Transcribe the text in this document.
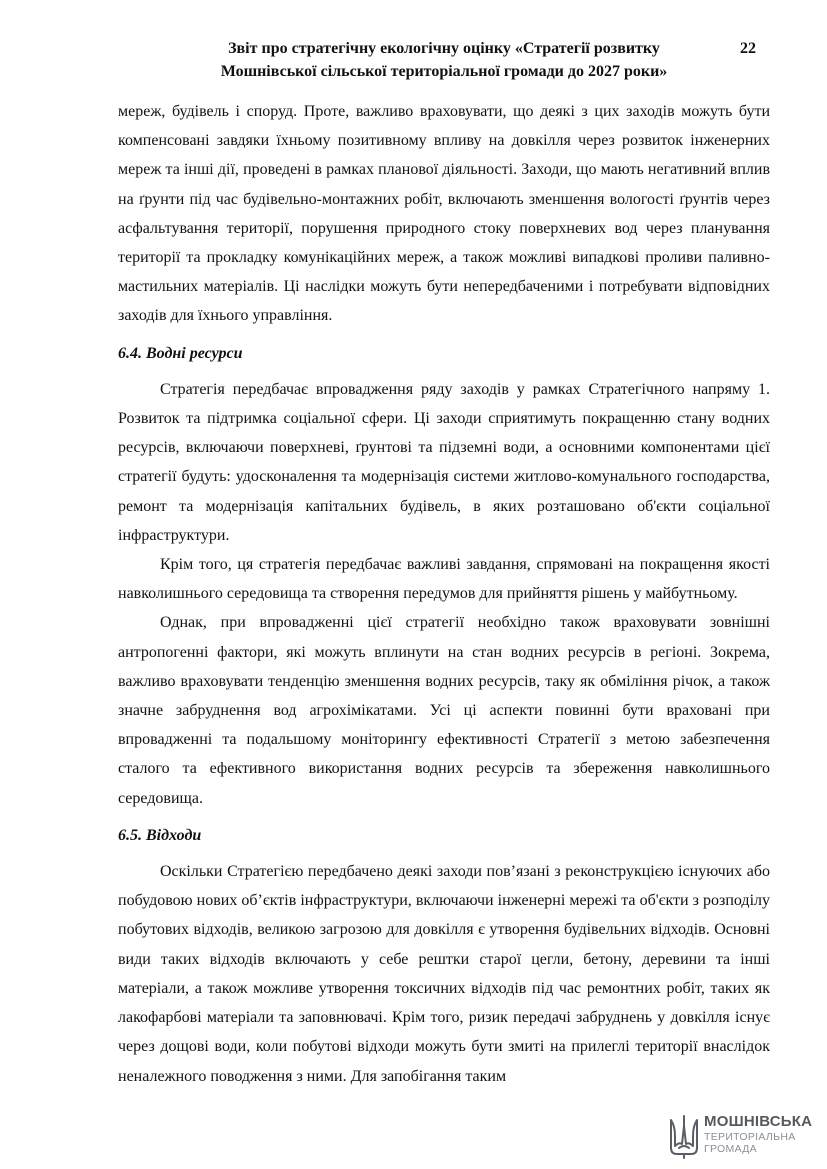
Звіт про стратегічну екологічну оцінку «Стратегії розвитку
Мошнівської сільської територіальної громади до 2027 роки»
22

мереж, будівель і споруд. Проте, важливо враховувати, що деякі з цих заходів можуть бути компенсовані завдяки їхньому позитивному впливу на довкілля через розвиток інженерних мереж та інші дії, проведені в рамках планової діяльності. Заходи, що мають негативний вплив на ґрунти під час будівельно-монтажних робіт, включають зменшення вологості ґрунтів через асфальтування території, порушення природного стоку поверхневих вод через планування території та прокладку комунікаційних мереж, а також можливі випадкові проливи паливно-мастильних матеріалів. Ці наслідки можуть бути непередбаченими і потребувати відповідних заходів для їхнього управління.

6.4. Водні ресурси

Стратегія передбачає впровадження ряду заходів у рамках Стратегічного напряму 1. Розвиток та підтримка соціальної сфери. Ці заходи сприятимуть покращенню стану водних ресурсів, включаючи поверхневі, ґрунтові та підземні води, а основними компонентами цієї стратегії будуть: удосконалення та модернізація системи житлово-комунального господарства, ремонт та модернізація капітальних будівель, в яких розташовано об'єкти соціальної інфраструктури.

Крім того, ця стратегія передбачає важливі завдання, спрямовані на покращення якості навколишнього середовища та створення передумов для прийняття рішень у майбутньому.

Однак, при впровадженні цієї стратегії необхідно також враховувати зовнішні антропогенні фактори, які можуть вплинути на стан водних ресурсів в регіоні. Зокрема, важливо враховувати тенденцію зменшення водних ресурсів, таку як обміління річок, а також значне забруднення вод агрохімікатами. Усі ці аспекти повинні бути враховані при впровадженні та подальшому моніторингу ефективності Стратегії з метою забезпечення сталого та ефективного використання водних ресурсів та збереження навколишнього середовища.

6.5. Відходи

Оскільки Стратегією передбачено деякі заходи пов’язані з реконструкцією існуючих або побудовою нових об’єктів інфраструктури, включаючи інженерні мережі та об'єкти з розподілу побутових відходів, великою загрозою для довкілля є утворення будівельних відходів. Основні види таких відходів включають у себе рештки старої цегли, бетону, деревини та інші матеріали, а також можливе утворення токсичних відходів під час ремонтних робіт, таких як лакофарбові матеріали та заповнювачі. Крім того, ризик передачі забруднень у довкілля існує через дощові води, коли побутові відходи можуть бути змиті на прилеглі території внаслідок неналежного поводження з ними. Для запобігання таким

МОШНІВСЬКА
ТЕРИТОРІАЛЬНА
ГРОМАДА
